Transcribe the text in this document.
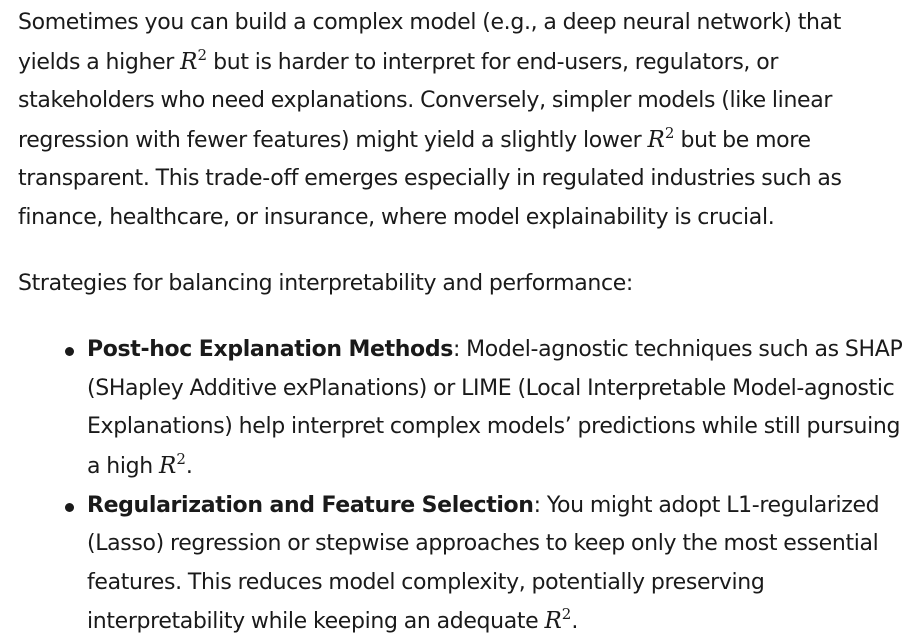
Sometimes you can build a complex model (e.g., a deep neural network) that yields a higher $R^2$ but is harder to interpret for end-users, regulators, or stakeholders who need explanations. Conversely, simpler models (like linear regression with fewer features) might yield a slightly lower $R^2$ but be more transparent. This trade-off emerges especially in regulated industries such as finance, healthcare, or insurance, where model explainability is crucial.

Strategies for balancing interpretability and performance:

Post-hoc Explanation Methods: Model-agnostic techniques such as SHAP (SHapley Additive exPlanations) or LIME (Local Interpretable Model-agnostic Explanations) help interpret complex models’ predictions while still pursuing a high $R^2$.
Regularization and Feature Selection: You might adopt L1-regularized (Lasso) regression or stepwise approaches to keep only the most essential features. This reduces model complexity, potentially preserving interpretability while keeping an adequate $R^2$.
